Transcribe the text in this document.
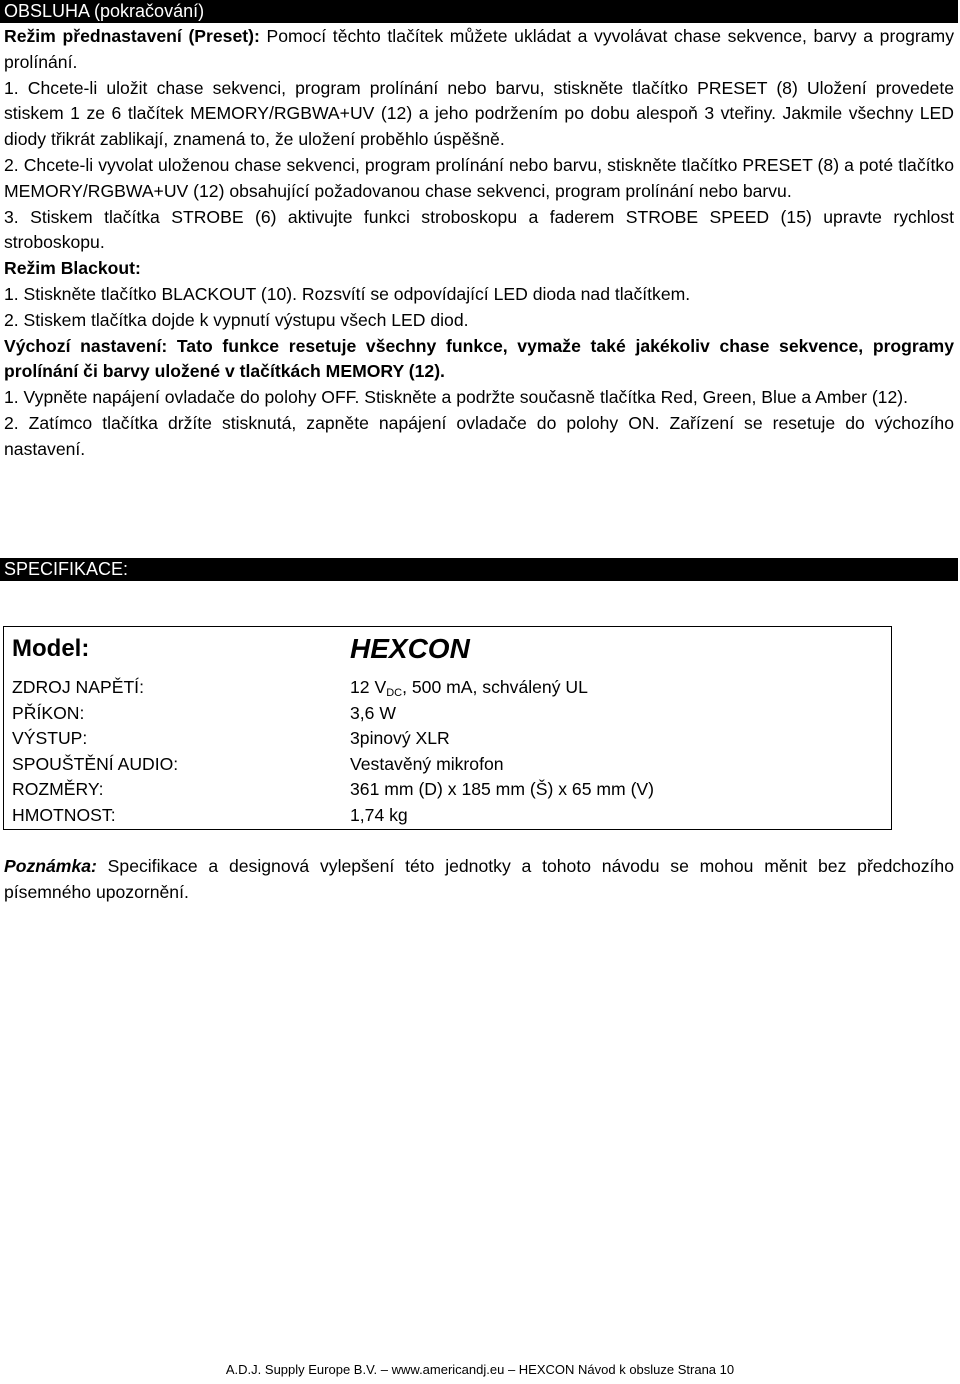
OBSLUHA (pokračování)
Režim přednastavení (Preset): Pomocí těchto tlačítek můžete ukládat a vyvolávat chase sekvence, barvy a programy prolínání.
1. Chcete-li uložit chase sekvenci, program prolínání nebo barvu, stiskněte tlačítko PRESET (8) Uložení provedete stiskem 1 ze 6 tlačítek MEMORY/RGBWA+UV (12) a jeho podržením po dobu alespoň 3 vteřiny. Jakmile všechny LED diody třikrát zablikají, znamená to, že uložení proběhlo úspěšně.
2. Chcete-li vyvolat uloženou chase sekvenci, program prolínání nebo barvu, stiskněte tlačítko PRESET (8) a poté tlačítko MEMORY/RGBWA+UV (12) obsahující požadovanou chase sekvenci, program prolínání nebo barvu.
3. Stiskem tlačítka STROBE (6) aktivujte funkci stroboskopu a faderem STROBE SPEED (15) upravte rychlost stroboskopu.
Režim Blackout:
1. Stiskněte tlačítko BLACKOUT (10). Rozsvítí se odpovídající LED dioda nad tlačítkem.
2. Stiskem tlačítka dojde k vypnutí výstupu všech LED diod.
Výchozí nastavení: Tato funkce resetuje všechny funkce, vymaže také jakékoliv chase sekvence, programy prolínání či barvy uložené v tlačítkách MEMORY (12).
1. Vypněte napájení ovladače do polohy OFF. Stiskněte a podržte současně tlačítka Red, Green, Blue a Amber (12).
2. Zatímco tlačítka držíte stisknutá, zapněte napájení ovladače do polohy ON. Zařízení se resetuje do výchozího nastavení.
SPECIFIKACE:
Model:	HEXCON
ZDROJ NAPĚTÍ:	12 $V_{DC}$, 500 mA, schválený UL
PŘÍKON:	3,6 W
VÝSTUP:	3pinový XLR
SPOUŠTĚNÍ AUDIO:	Vestavěný mikrofon
ROZMĚRY:	361 mm (D) x 185 mm (Š) x 65 mm (V)
HMOTNOST:	1,74 kg
Poznámka: Specifikace a designová vylepšení této jednotky a tohoto návodu se mohou měnit bez předchozího písemného upozornění.
A.D.J. Supply Europe B.V. – www.americandj.eu – HEXCON Návod k obsluze Strana 10
